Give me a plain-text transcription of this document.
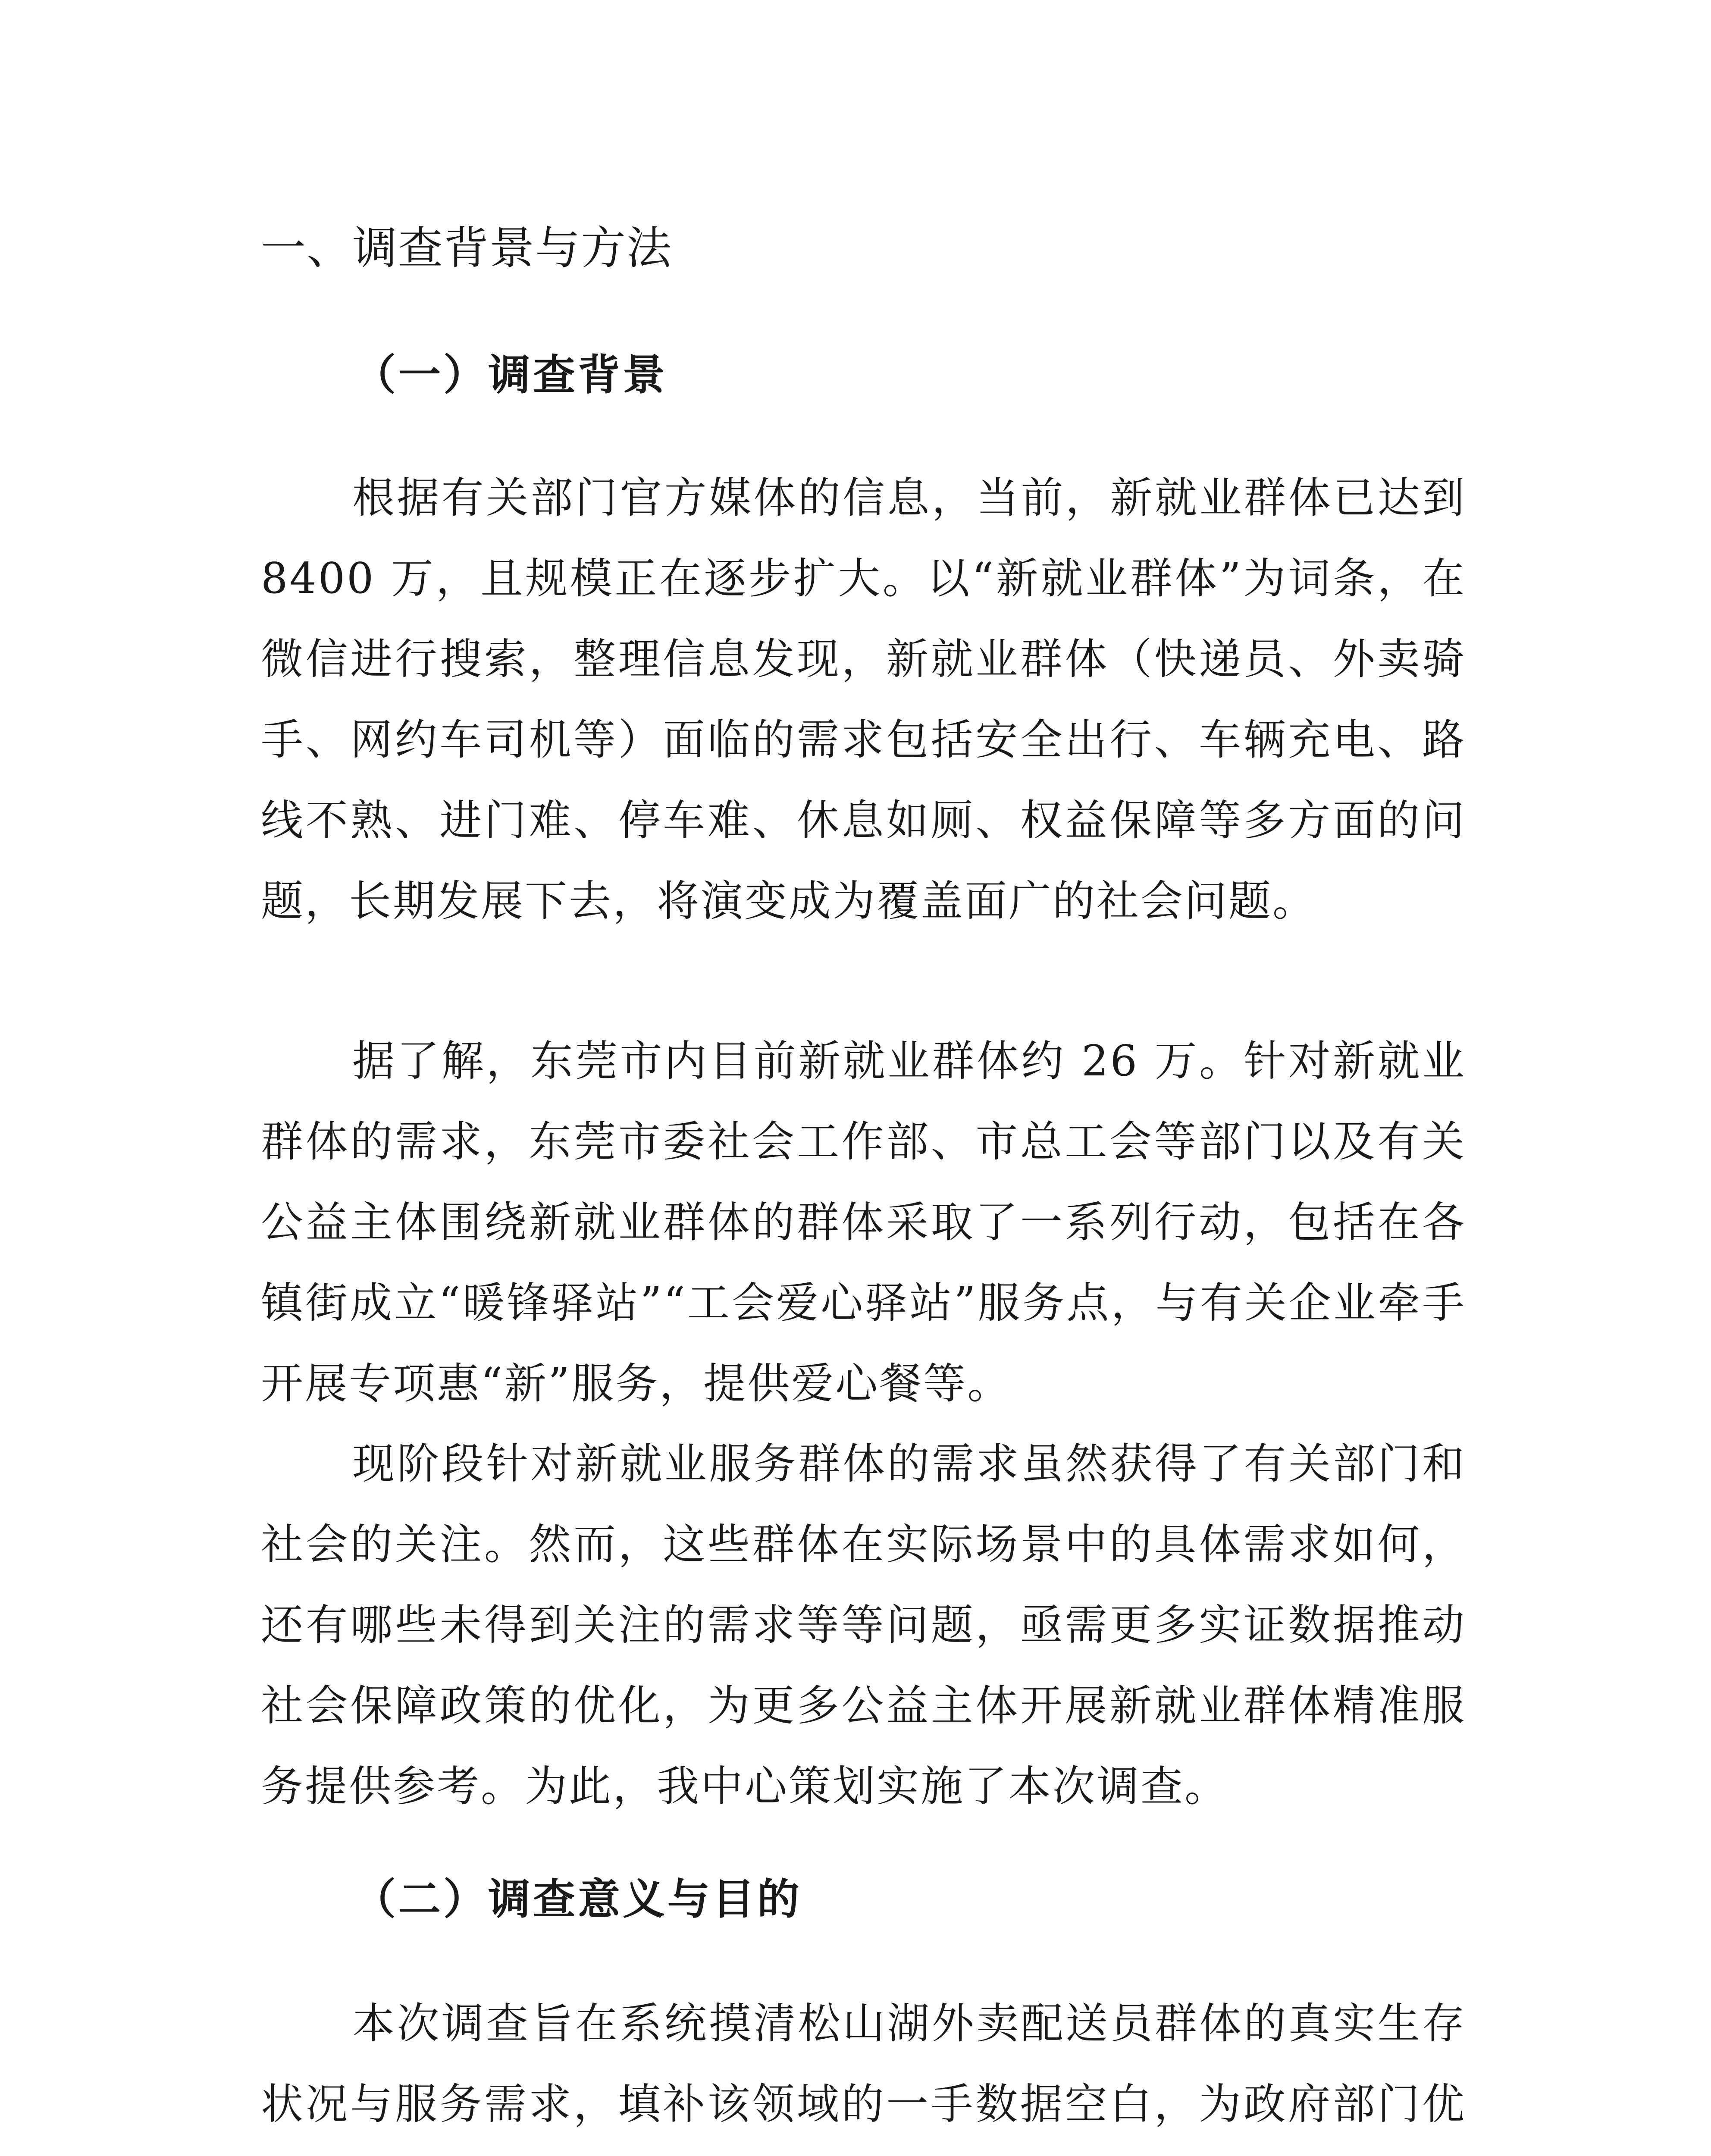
一、调查背景与方法
（一）调查背景

根据有关部门官方媒体的信息，当前，新就业群体已达到 8400 万，且规模正在逐步扩大。以“新就业群体”为词条，在微信进行搜索，整理信息发现，新就业群体（快递员、外卖骑手、网约车司机等）面临的需求包括安全出行、车辆充电、路线不熟、进门难、停车难、休息如厕、权益保障等多方面的问题，长期发展下去，将演变成为覆盖面广的社会问题。

据了解，东莞市内目前新就业群体约 26 万。针对新就业群体的需求，东莞市委社会工作部、市总工会等部门以及有关公益主体围绕新就业群体的群体采取了一系列行动，包括在各镇街成立“暖锋驿站”“工会爱心驿站”服务点，与有关企业牵手开展专项惠“新”服务，提供爱心餐等。

现阶段针对新就业服务群体的需求虽然获得了有关部门和社会的关注。然而，这些群体在实际场景中的具体需求如何，还有哪些未得到关注的需求等等问题，亟需更多实证数据推动社会保障政策的优化，为更多公益主体开展新就业群体精准服务提供参考。为此，我中心策划实施了本次调查。

（二）调查意义与目的

本次调查旨在系统摸清松山湖外卖配送员群体的真实生存状况与服务需求，填补该领域的一手数据空白，为政府部门优
